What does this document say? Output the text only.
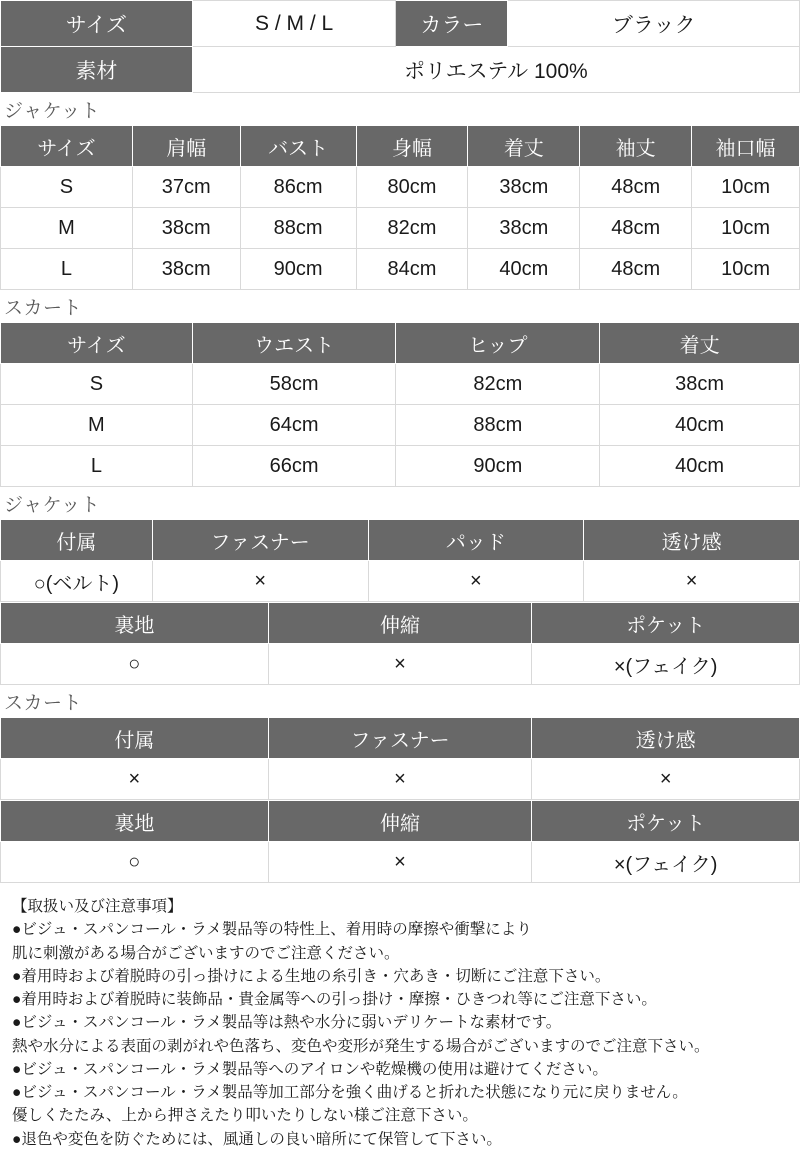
サイズ	S / M / L	カラー	ブラック
素材	ポリエステル 100%		
ジャケット
サイズ	肩幅	バスト	身幅	着丈	袖丈	袖口幅
S	37cm	86cm	80cm	38cm	48cm	10cm
M	38cm	88cm	82cm	38cm	48cm	10cm
L	38cm	90cm	84cm	40cm	48cm	10cm
スカート
サイズ	ウエスト	ヒップ	着丈
S	58cm	82cm	38cm
M	64cm	88cm	40cm
L	66cm	90cm	40cm
ジャケット
付属	ファスナー	パッド	透け感
○(ベルト)	×	×	×
裏地	伸縮	ポケット
○	×	×(フェイク)
スカート
付属	ファスナー	透け感
×	×	×
裏地	伸縮	ポケット
○	×	×(フェイク)
【取扱い及び注意事項】
●ビジュ・スパンコール・ラメ製品等の特性上、着用時の摩擦や衝撃により
肌に刺激がある場合がございますのでご注意ください。
●着用時および着脱時の引っ掛けによる生地の糸引き・穴あき・切断にご注意下さい。
●着用時および着脱時に装飾品・貴金属等への引っ掛け・摩擦・ひきつれ等にご注意下さい。
●ビジュ・スパンコール・ラメ製品等は熱や水分に弱いデリケートな素材です。
熱や水分による表面の剥がれや色落ち、変色や変形が発生する場合がございますのでご注意下さい。
●ビジュ・スパンコール・ラメ製品等へのアイロンや乾燥機の使用は避けてください。
●ビジュ・スパンコール・ラメ製品等加工部分を強く曲げると折れた状態になり元に戻りません。
優しくたたみ、上から押さえたり叩いたりしない様ご注意下さい。
●退色や変色を防ぐためには、風通しの良い暗所にて保管して下さい。
